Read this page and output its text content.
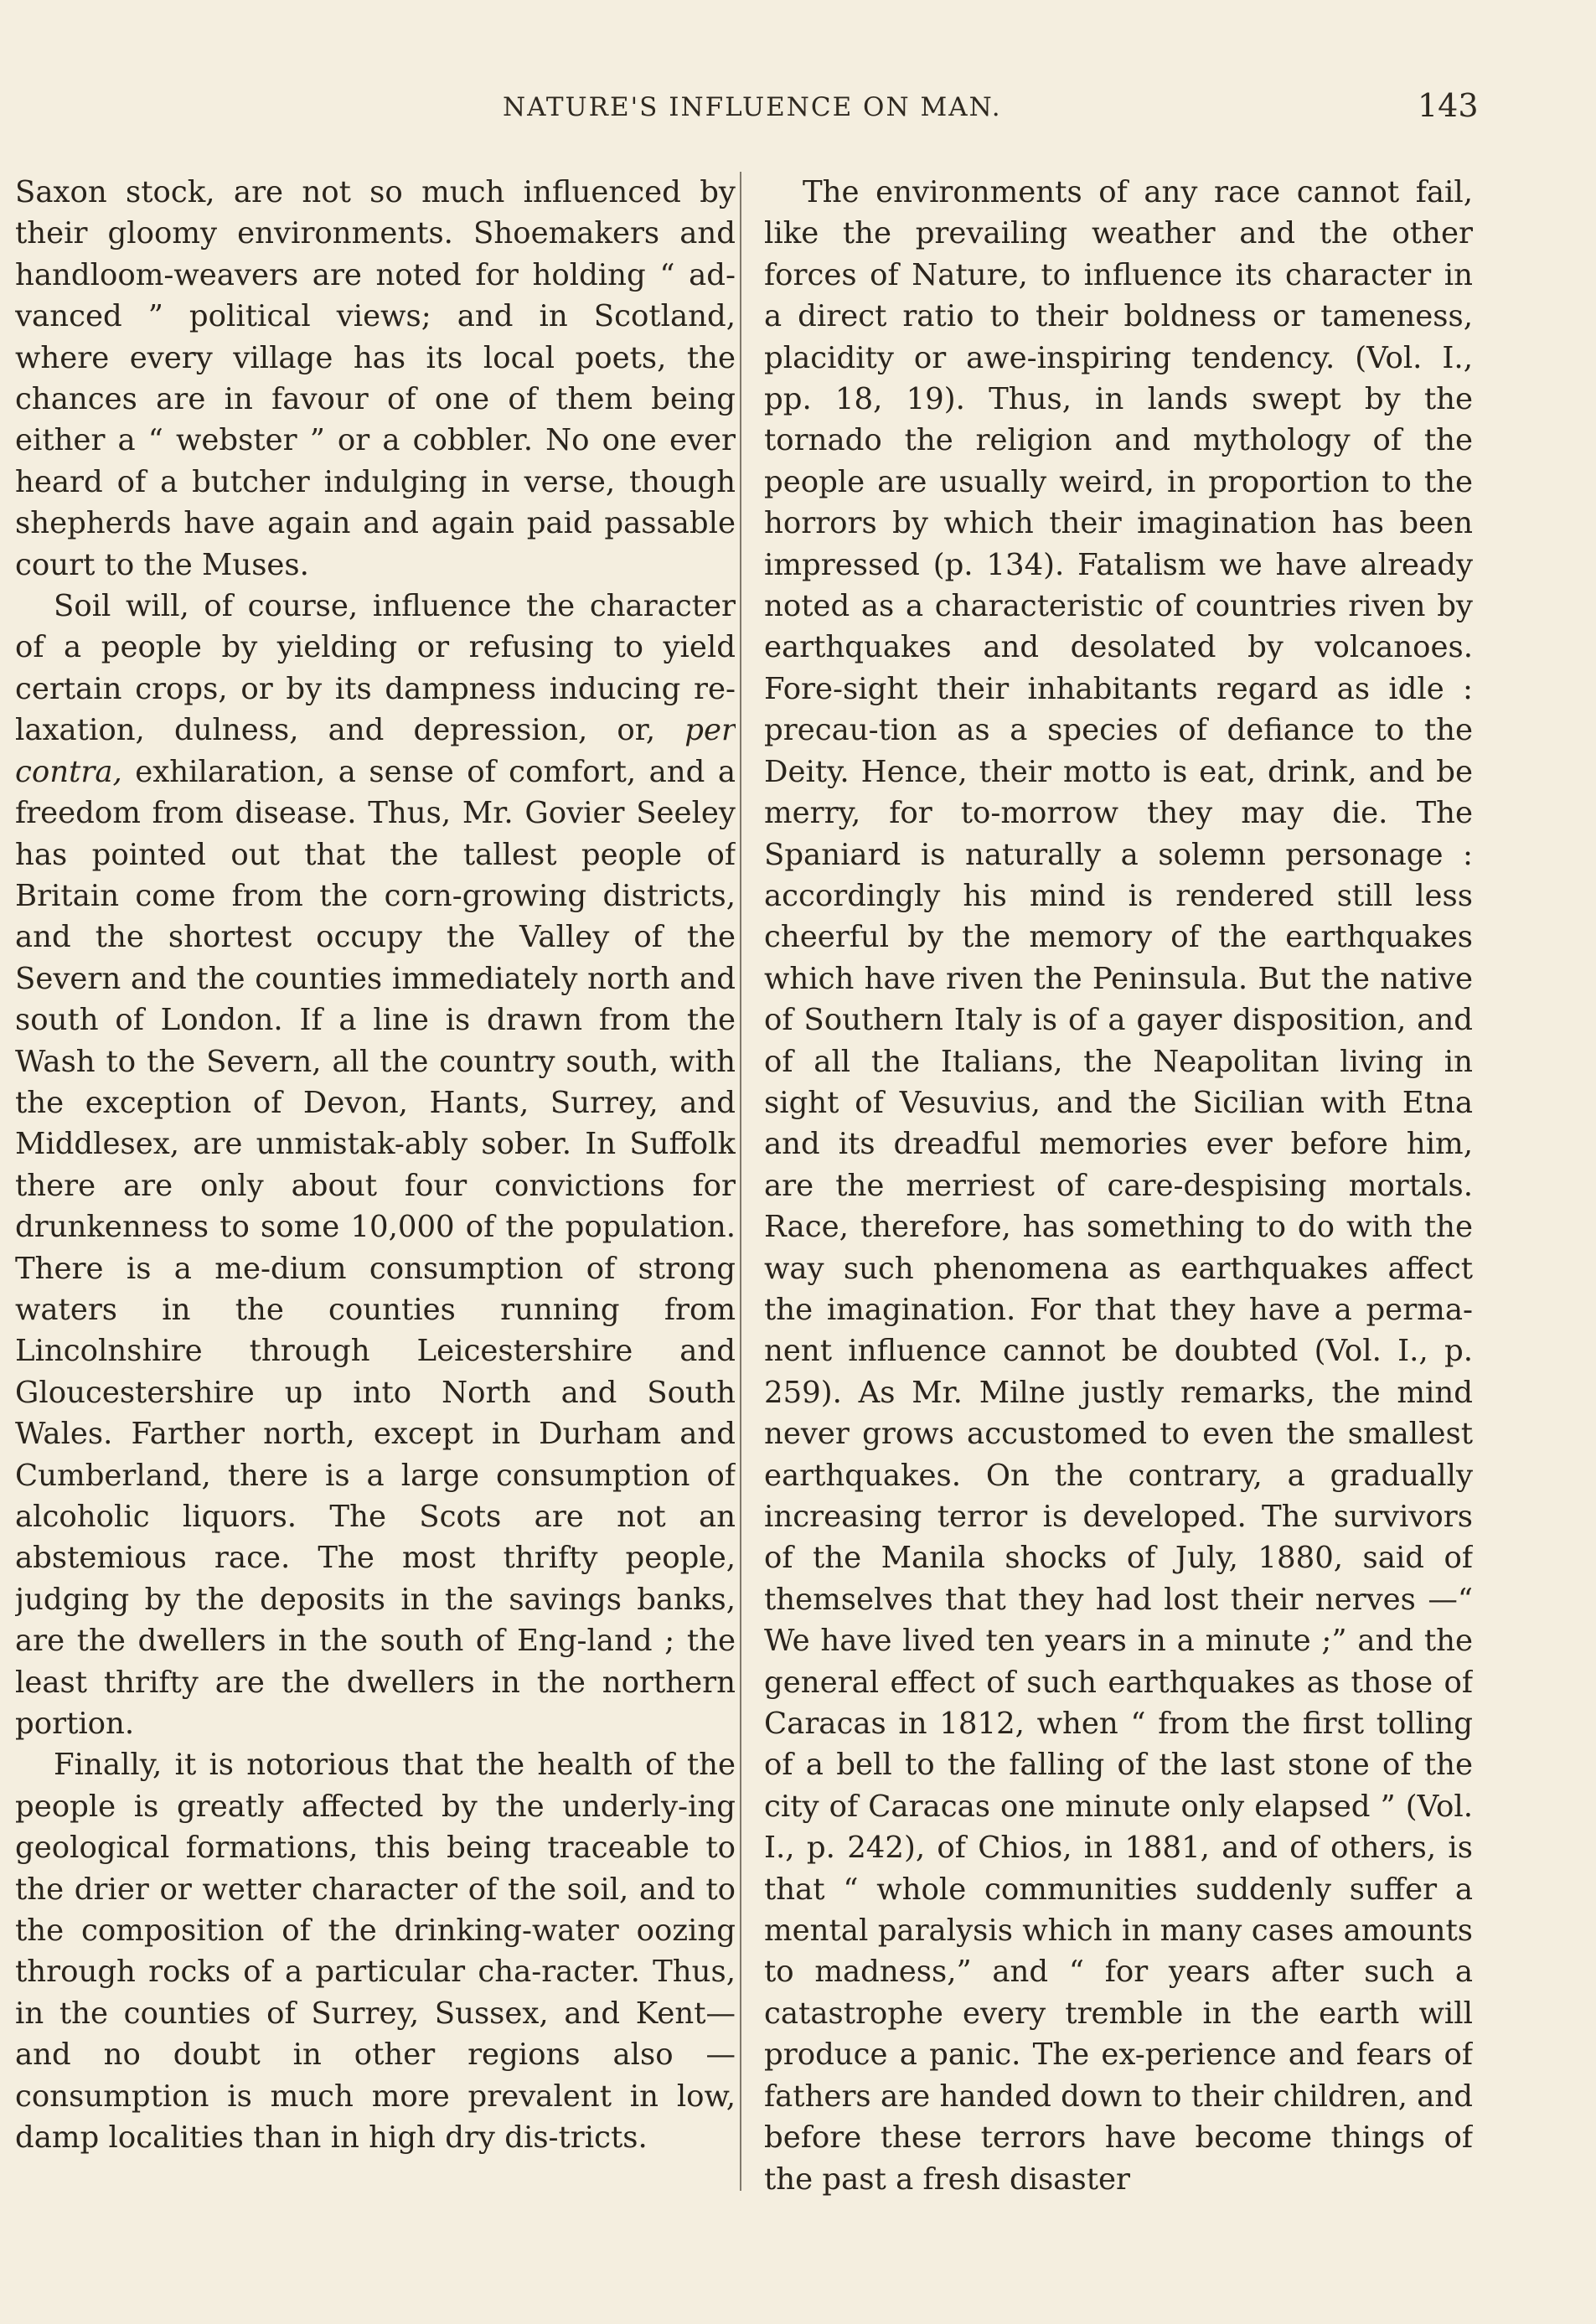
NATURE'S INFLUENCE ON MAN.	143

Saxon stock, are not so much influenced by their gloomy environments. Shoemakers and handloom-weavers are noted for holding “ ad-vanced ” political views; and in Scotland, where every village has its local poets, the chances are in favour of one of them being either a “ webster ” or a cobbler. No one ever heard of a butcher indulging in verse, though shepherds have again and again paid passable court to the Muses.

Soil will, of course, influence the character of a people by yielding or refusing to yield certain crops, or by its dampness inducing re-laxation, dulness, and depression, or, per contra, exhilaration, a sense of comfort, and a freedom from disease. Thus, Mr. Govier Seeley has pointed out that the tallest people of Britain come from the corn-growing districts, and the shortest occupy the Valley of the Severn and the counties immediately north and south of London. If a line is drawn from the Wash to the Severn, all the country south, with the exception of Devon, Hants, Surrey, and Middlesex, are unmistak-ably sober. In Suffolk there are only about four convictions for drunkenness to some 10,000 of the population. There is a me-dium consumption of strong waters in the counties running from Lincolnshire through Leicestershire and Gloucestershire up into North and South Wales. Farther north, except in Durham and Cumberland, there is a large consumption of alcoholic liquors. The Scots are not an abstemious race. The most thrifty people, judging by the deposits in the savings banks, are the dwellers in the south of Eng-land ; the least thrifty are the dwellers in the northern portion.

Finally, it is notorious that the health of the people is greatly affected by the underly-ing geological formations, this being traceable to the drier or wetter character of the soil, and to the composition of the drinking-water oozing through rocks of a particular cha-racter. Thus, in the counties of Surrey, Sussex, and Kent—and no doubt in other regions also —consumption is much more prevalent in low, damp localities than in high dry dis-tricts.

The environments of any race cannot fail, like the prevailing weather and the other forces of Nature, to influence its character in a direct ratio to their boldness or tameness, placidity or awe-inspiring tendency. (Vol. I., pp. 18, 19). Thus, in lands swept by the tornado the religion and mythology of the people are usually weird, in proportion to the horrors by which their imagination has been impressed (p. 134). Fatalism we have already noted as a characteristic of countries riven by earthquakes and desolated by volcanoes. Fore-sight their inhabitants regard as idle : precau-tion as a species of defiance to the Deity. Hence, their motto is eat, drink, and be merry, for to-morrow they may die. The Spaniard is naturally a solemn personage : accordingly his mind is rendered still less cheerful by the memory of the earthquakes which have riven the Peninsula. But the native of Southern Italy is of a gayer disposition, and of all the Italians, the Neapolitan living in sight of Vesuvius, and the Sicilian with Etna and its dreadful memories ever before him, are the merriest of care-despising mortals. Race, therefore, has something to do with the way such phenomena as earthquakes affect the imagination. For that they have a perma-nent influence cannot be doubted (Vol. I., p. 259). As Mr. Milne justly remarks, the mind never grows accustomed to even the smallest earthquakes. On the contrary, a gradually increasing terror is developed. The survivors of the Manila shocks of July, 1880, said of themselves that they had lost their nerves —“ We have lived ten years in a minute ;” and the general effect of such earthquakes as those of Caracas in 1812, when “ from the first tolling of a bell to the falling of the last stone of the city of Caracas one minute only elapsed ” (Vol. I., p. 242), of Chios, in 1881, and of others, is that “ whole communities suddenly suffer a mental paralysis which in many cases amounts to madness,” and “ for years after such a catastrophe every tremble in the earth will produce a panic. The ex-perience and fears of fathers are handed down to their children, and before these terrors have become things of the past a fresh disaster
